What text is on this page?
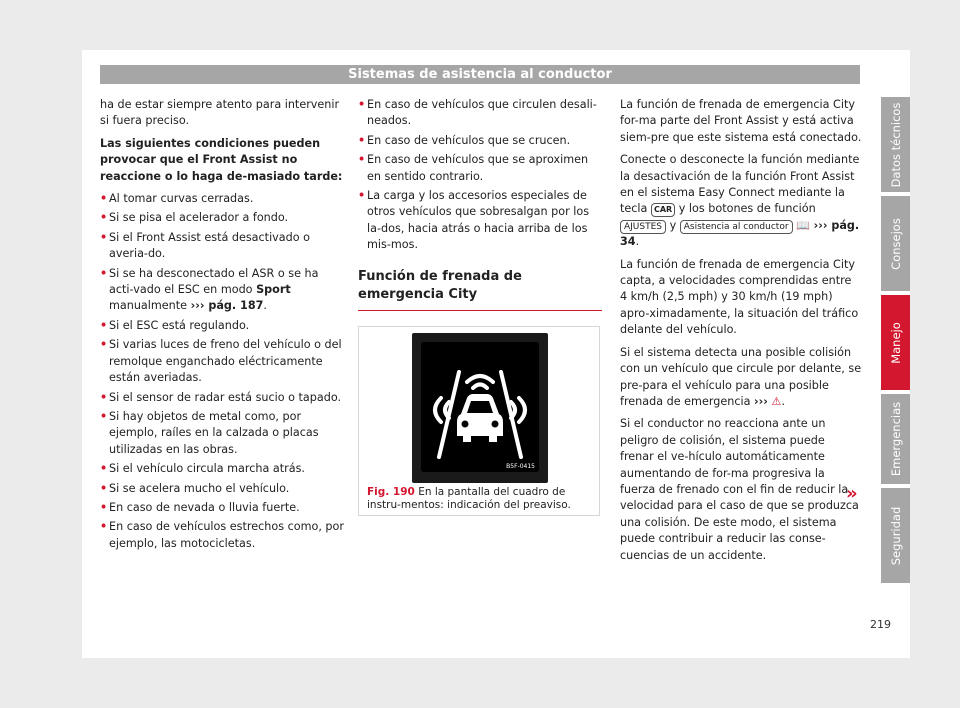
Sistemas de asistencia al conductor

ha de estar siempre atento para intervenir si fuera preciso.

Las siguientes condiciones pueden provocar que el Front Assist no reaccione o lo haga de-masiado tarde:

• Al tomar curvas cerradas.
• Si se pisa el acelerador a fondo.
• Si el Front Assist está desactivado o averia-do.
• Si se ha desconectado el ASR o se ha acti-vado el ESC en modo Sport manualmente ››› pág. 187.
• Si el ESC está regulando.
• Si varias luces de freno del vehículo o del remolque enganchado eléctricamente están averiadas.
• Si el sensor de radar está sucio o tapado.
• Si hay objetos de metal como, por ejemplo, raíles en la calzada o placas utilizadas en las obras.
• Si el vehículo circula marcha atrás.
• Si se acelera mucho el vehículo.
• En caso de nevada o lluvia fuerte.
• En caso de vehículos estrechos como, por ejemplo, las motocicletas.
• En caso de vehículos que circulen desali-neados.
• En caso de vehículos que se crucen.
• En caso de vehículos que se aproximen en sentido contrario.
• La carga y los accesorios especiales de otros vehículos que sobresalgan por los la-dos, hacia atrás o hacia arriba de los mis-mos.
Función de frenada de emergencia City
B5F-0415
Fig. 190 En la pantalla del cuadro de instru-mentos: indicación del preaviso.

La función de frenada de emergencia City for-ma parte del Front Assist y está activa siem-pre que este sistema está conectado.

Conecte o desconecte la función mediante la desactivación de la función Front Assist en el sistema Easy Connect mediante la tecla CAR y los botones de función AJUSTES y Asistencia al conductor 📖 ››› pág. 34.

La función de frenada de emergencia City capta, a velocidades comprendidas entre 4 km/h (2,5 mph) y 30 km/h (19 mph) apro-ximadamente, la situación del tráfico delante del vehículo.

Si el sistema detecta una posible colisión con un vehículo que circule por delante, se pre-para el vehículo para una posible frenada de emergencia ››› ⚠.

Si el conductor no reacciona ante un peligro de colisión, el sistema puede frenar el ve-hículo automáticamente aumentando de for-ma progresiva la fuerza de frenado con el fin de reducir la velocidad para el caso de que se produzca una colisión. De este modo, el sistema puede contribuir a reducir las conse-cuencias de un accidente.

»
Datos técnicos
Consejos
Manejo
Emergencias
Seguridad
219
